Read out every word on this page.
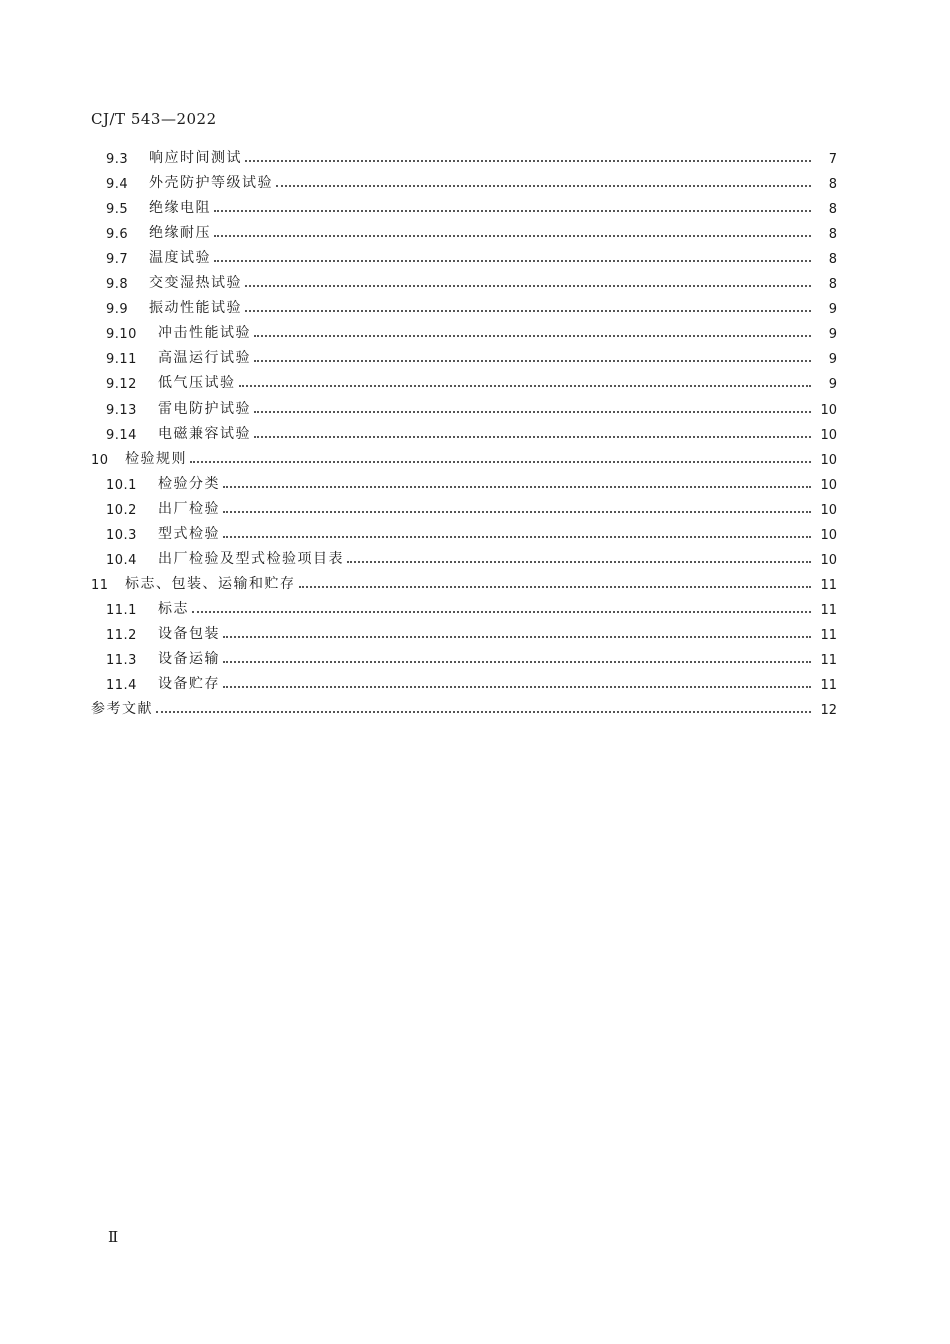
CJ/T 543—2022
9.3	响应时间测试	7
9.4	外壳防护等级试验	8
9.5	绝缘电阻	8
9.6	绝缘耐压	8
9.7	温度试验	8
9.8	交变湿热试验	8
9.9	振动性能试验	9
9.10	冲击性能试验	9
9.11	高温运行试验	9
9.12	低气压试验	9
9.13	雷电防护试验	10
9.14	电磁兼容试验	10
10	检验规则	10
10.1	检验分类	10
10.2	出厂检验	10
10.3	型式检验	10
10.4	出厂检验及型式检验项目表	10
11	标志、包装、运输和贮存	11
11.1	标志	11
11.2	设备包装	11
11.3	设备运输	11
11.4	设备贮存	11
参考文献	12
Ⅱ
